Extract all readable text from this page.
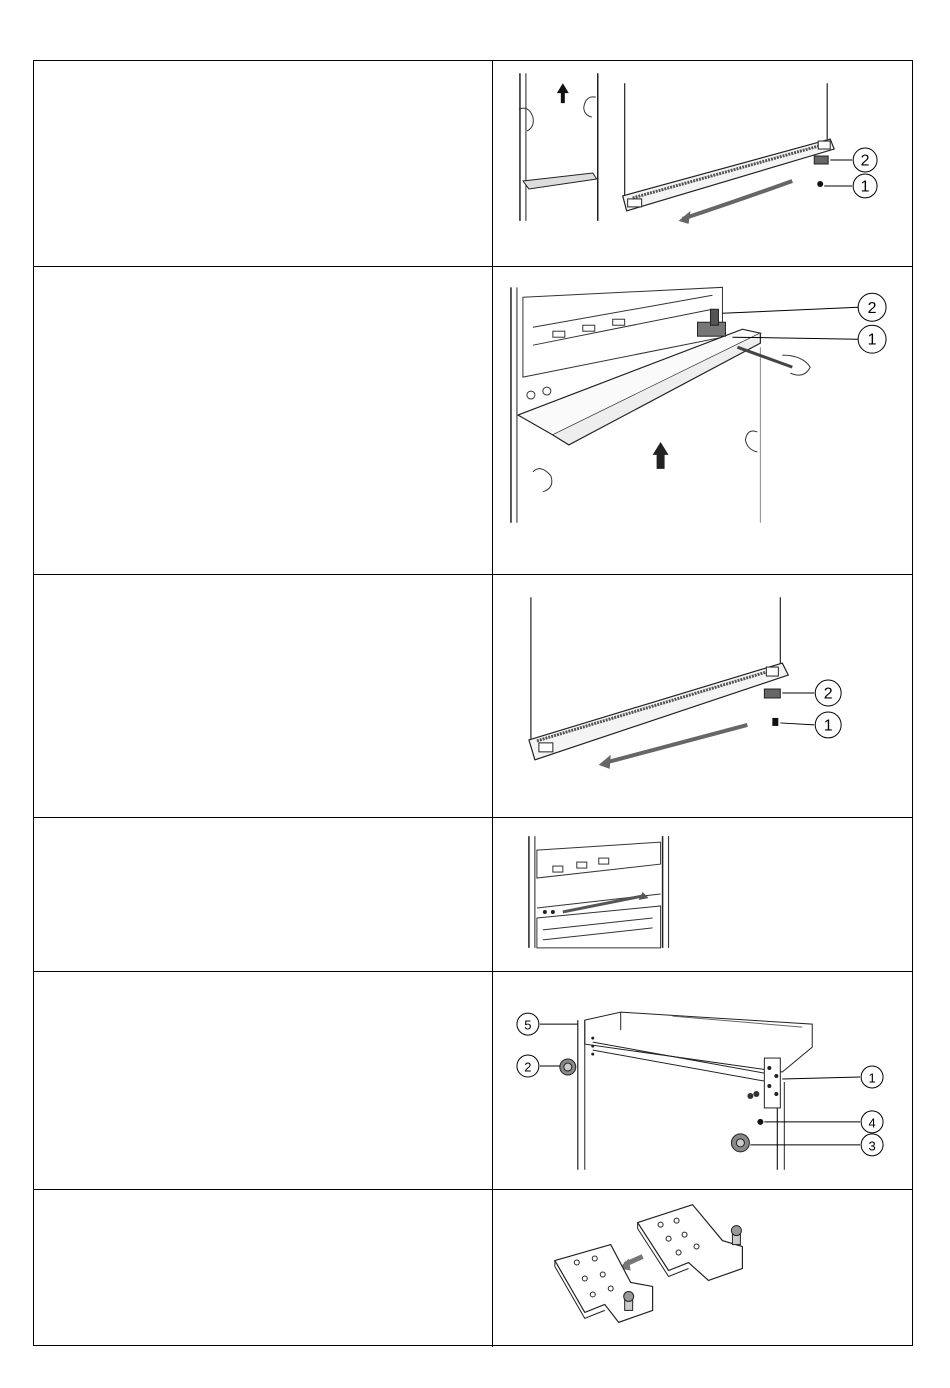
2
1
2
1
2
1
5
2
1
4
3
